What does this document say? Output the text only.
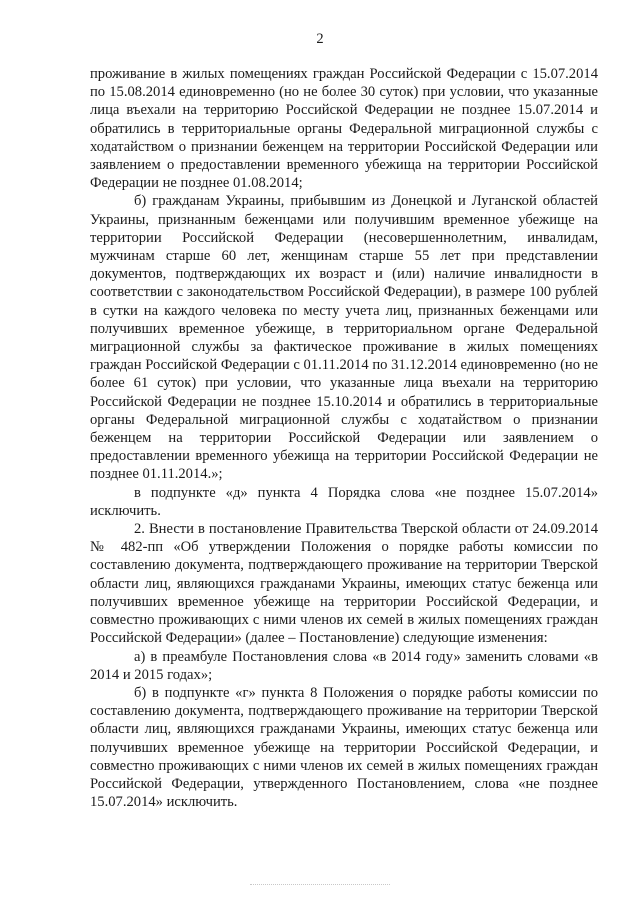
2

проживание в жилых помещениях граждан Российской Федерации с 15.07.2014 по 15.08.2014 единовременно (но не более 30 суток) при условии, что указанные лица въехали на территорию Российской Федерации не позднее 15.07.2014 и обратились в территориальные органы Федеральной миграционной службы с ходатайством о признании беженцем на территории Российской Федерации или заявлением о предоставлении временного убежища на территории Российской Федерации не позднее 01.08.2014;

б) гражданам Украины, прибывшим из Донецкой и Луганской областей Украины, признанным беженцами или получившим временное убежище на территории Российской Федерации (несовершеннолетним, инвалидам, мужчинам старше 60 лет, женщинам старше 55 лет при представлении документов, подтверждающих их возраст и (или) наличие инвалидности в соответствии с законодательством Российской Федерации), в размере 100 рублей в сутки на каждого человека по месту учета лиц, признанных беженцами или получивших временное убежище, в территориальном органе Федеральной миграционной службы за фактическое проживание в жилых помещениях граждан Российской Федерации с 01.11.2014 по 31.12.2014 единовременно (но не более 61 суток) при условии, что указанные лица въехали на территорию Российской Федерации не позднее 15.10.2014 и обратились в территориальные органы Федеральной миграционной службы с ходатайством о признании беженцем на территории Российской Федерации или заявлением о предоставлении временного убежища на территории Российской Федерации не позднее 01.11.2014.»;

в подпункте «д» пункта 4 Порядка слова «не позднее 15.07.2014» исключить.

2. Внести в постановление Правительства Тверской области от 24.09.2014 № 482-пп «Об утверждении Положения о порядке работы комиссии по составлению документа, подтверждающего проживание на территории Тверской области лиц, являющихся гражданами Украины, имеющих статус беженца или получивших временное убежище на территории Российской Федерации, и совместно проживающих с ними членов их семей в жилых помещениях граждан Российской Федерации» (далее – Постановление) следующие изменения:

а) в преамбуле Постановления слова «в 2014 году» заменить словами «в 2014 и 2015 годах»;

б) в подпункте «г» пункта 8 Положения о порядке работы комиссии по составлению документа, подтверждающего проживание на территории Тверской области лиц, являющихся гражданами Украины, имеющих статус беженца или получивших временное убежище на территории Российской Федерации, и совместно проживающих с ними членов их семей в жилых помещениях граждан Российской Федерации, утвержденного Постановлением, слова «не позднее 15.07.2014» исключить.
